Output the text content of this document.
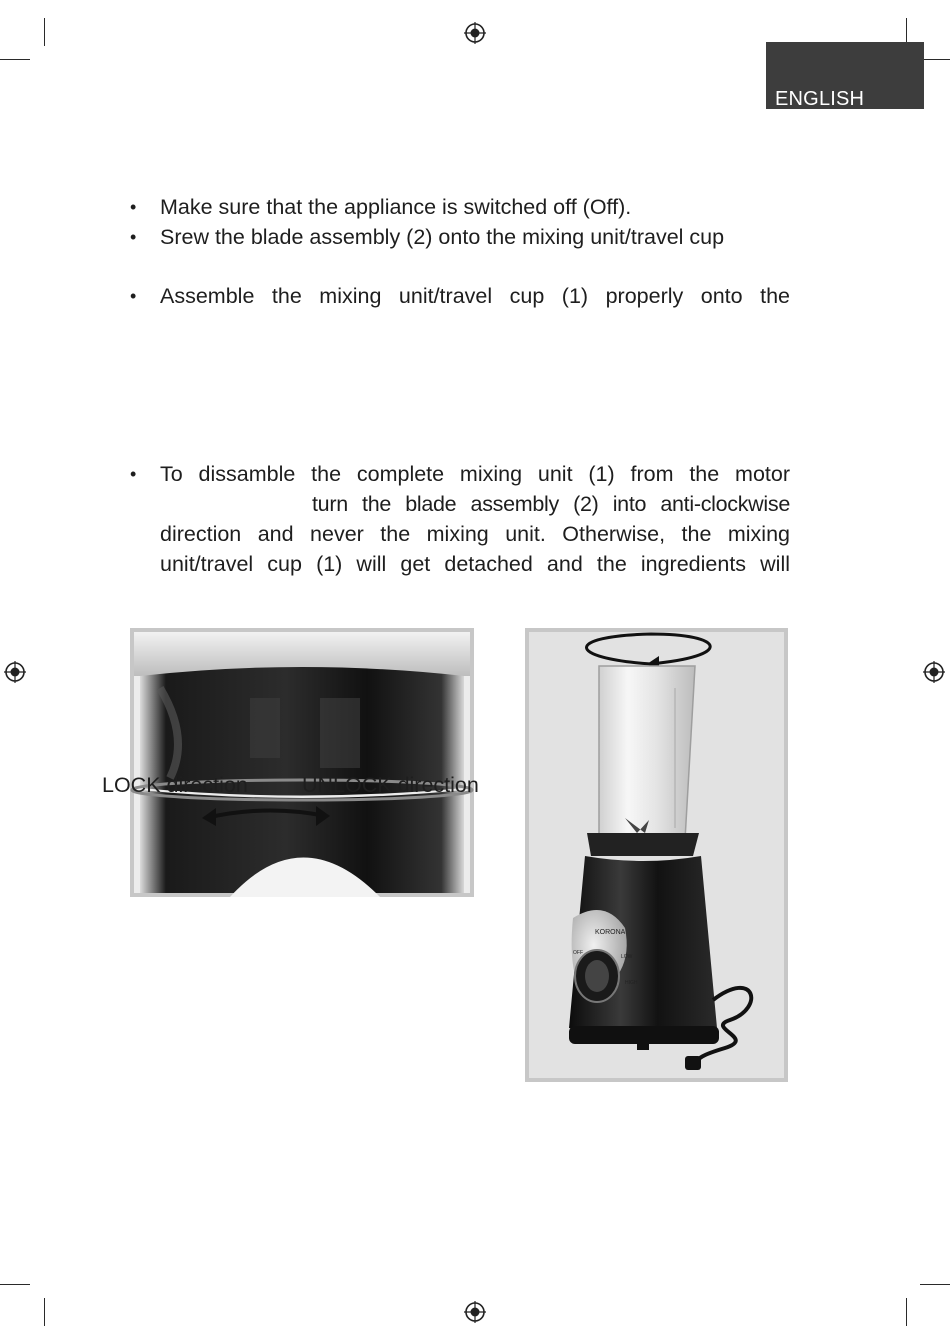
ENGLISH
•	Make sure that the appliance is switched off (Off).
•	Srew the blade assembly (2) onto the mixing unit/travel cup
•	Assemble the mixing unit/travel cup (1) properly onto the
•	To dissamble the complete mixing unit (1) from the motor
turn the blade assembly (2) into anti-clockwise
direction and never the mixing unit. Otherwise, the mixing
unit/travel cup (1) will get detached and the ingredients will
LOCK direction	UNLOCK direction
KORONA
OFF
LOW
HIGH
